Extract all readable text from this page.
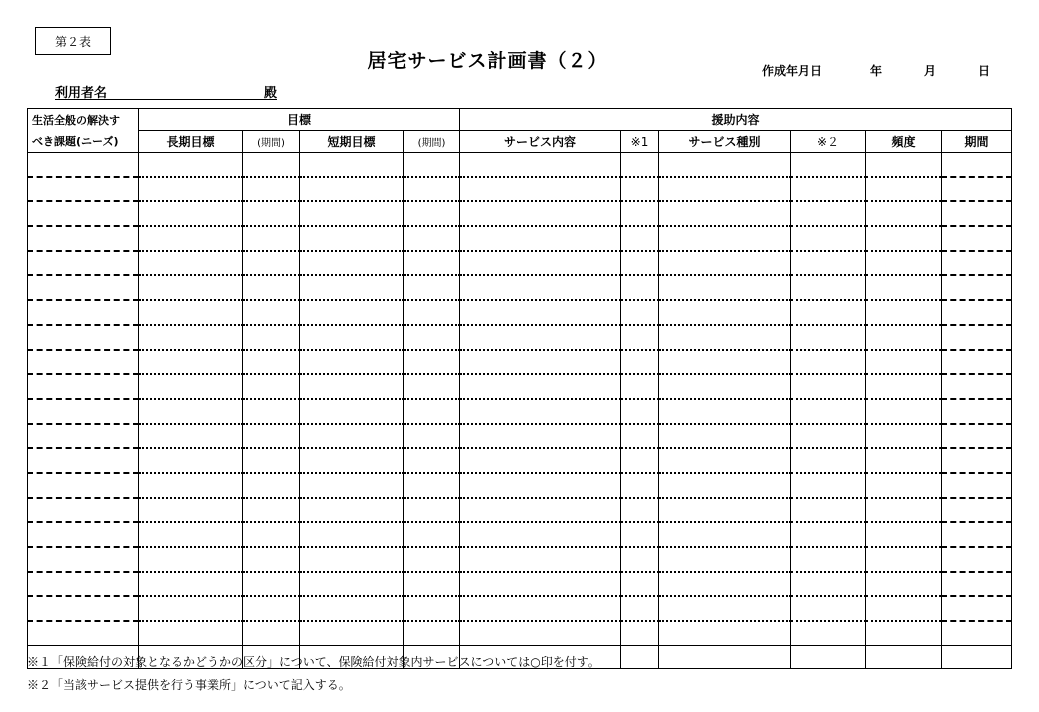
第２表
居宅サービス計画書（２）	作成年月日	年	月	日
利用者名	殿
生活全般の解決す	目標				援助内容					
べき課題(ニーズ)	長期目標	(期間)	短期目標	(期間)	サービス内容	※1	サービス種別	※２	頻度	期間

※１「保険給付の対象となるかどうかの区分」について、保険給付対象内サービスについては○印を付す。
※２「当該サービス提供を行う事業所」について記入する。
